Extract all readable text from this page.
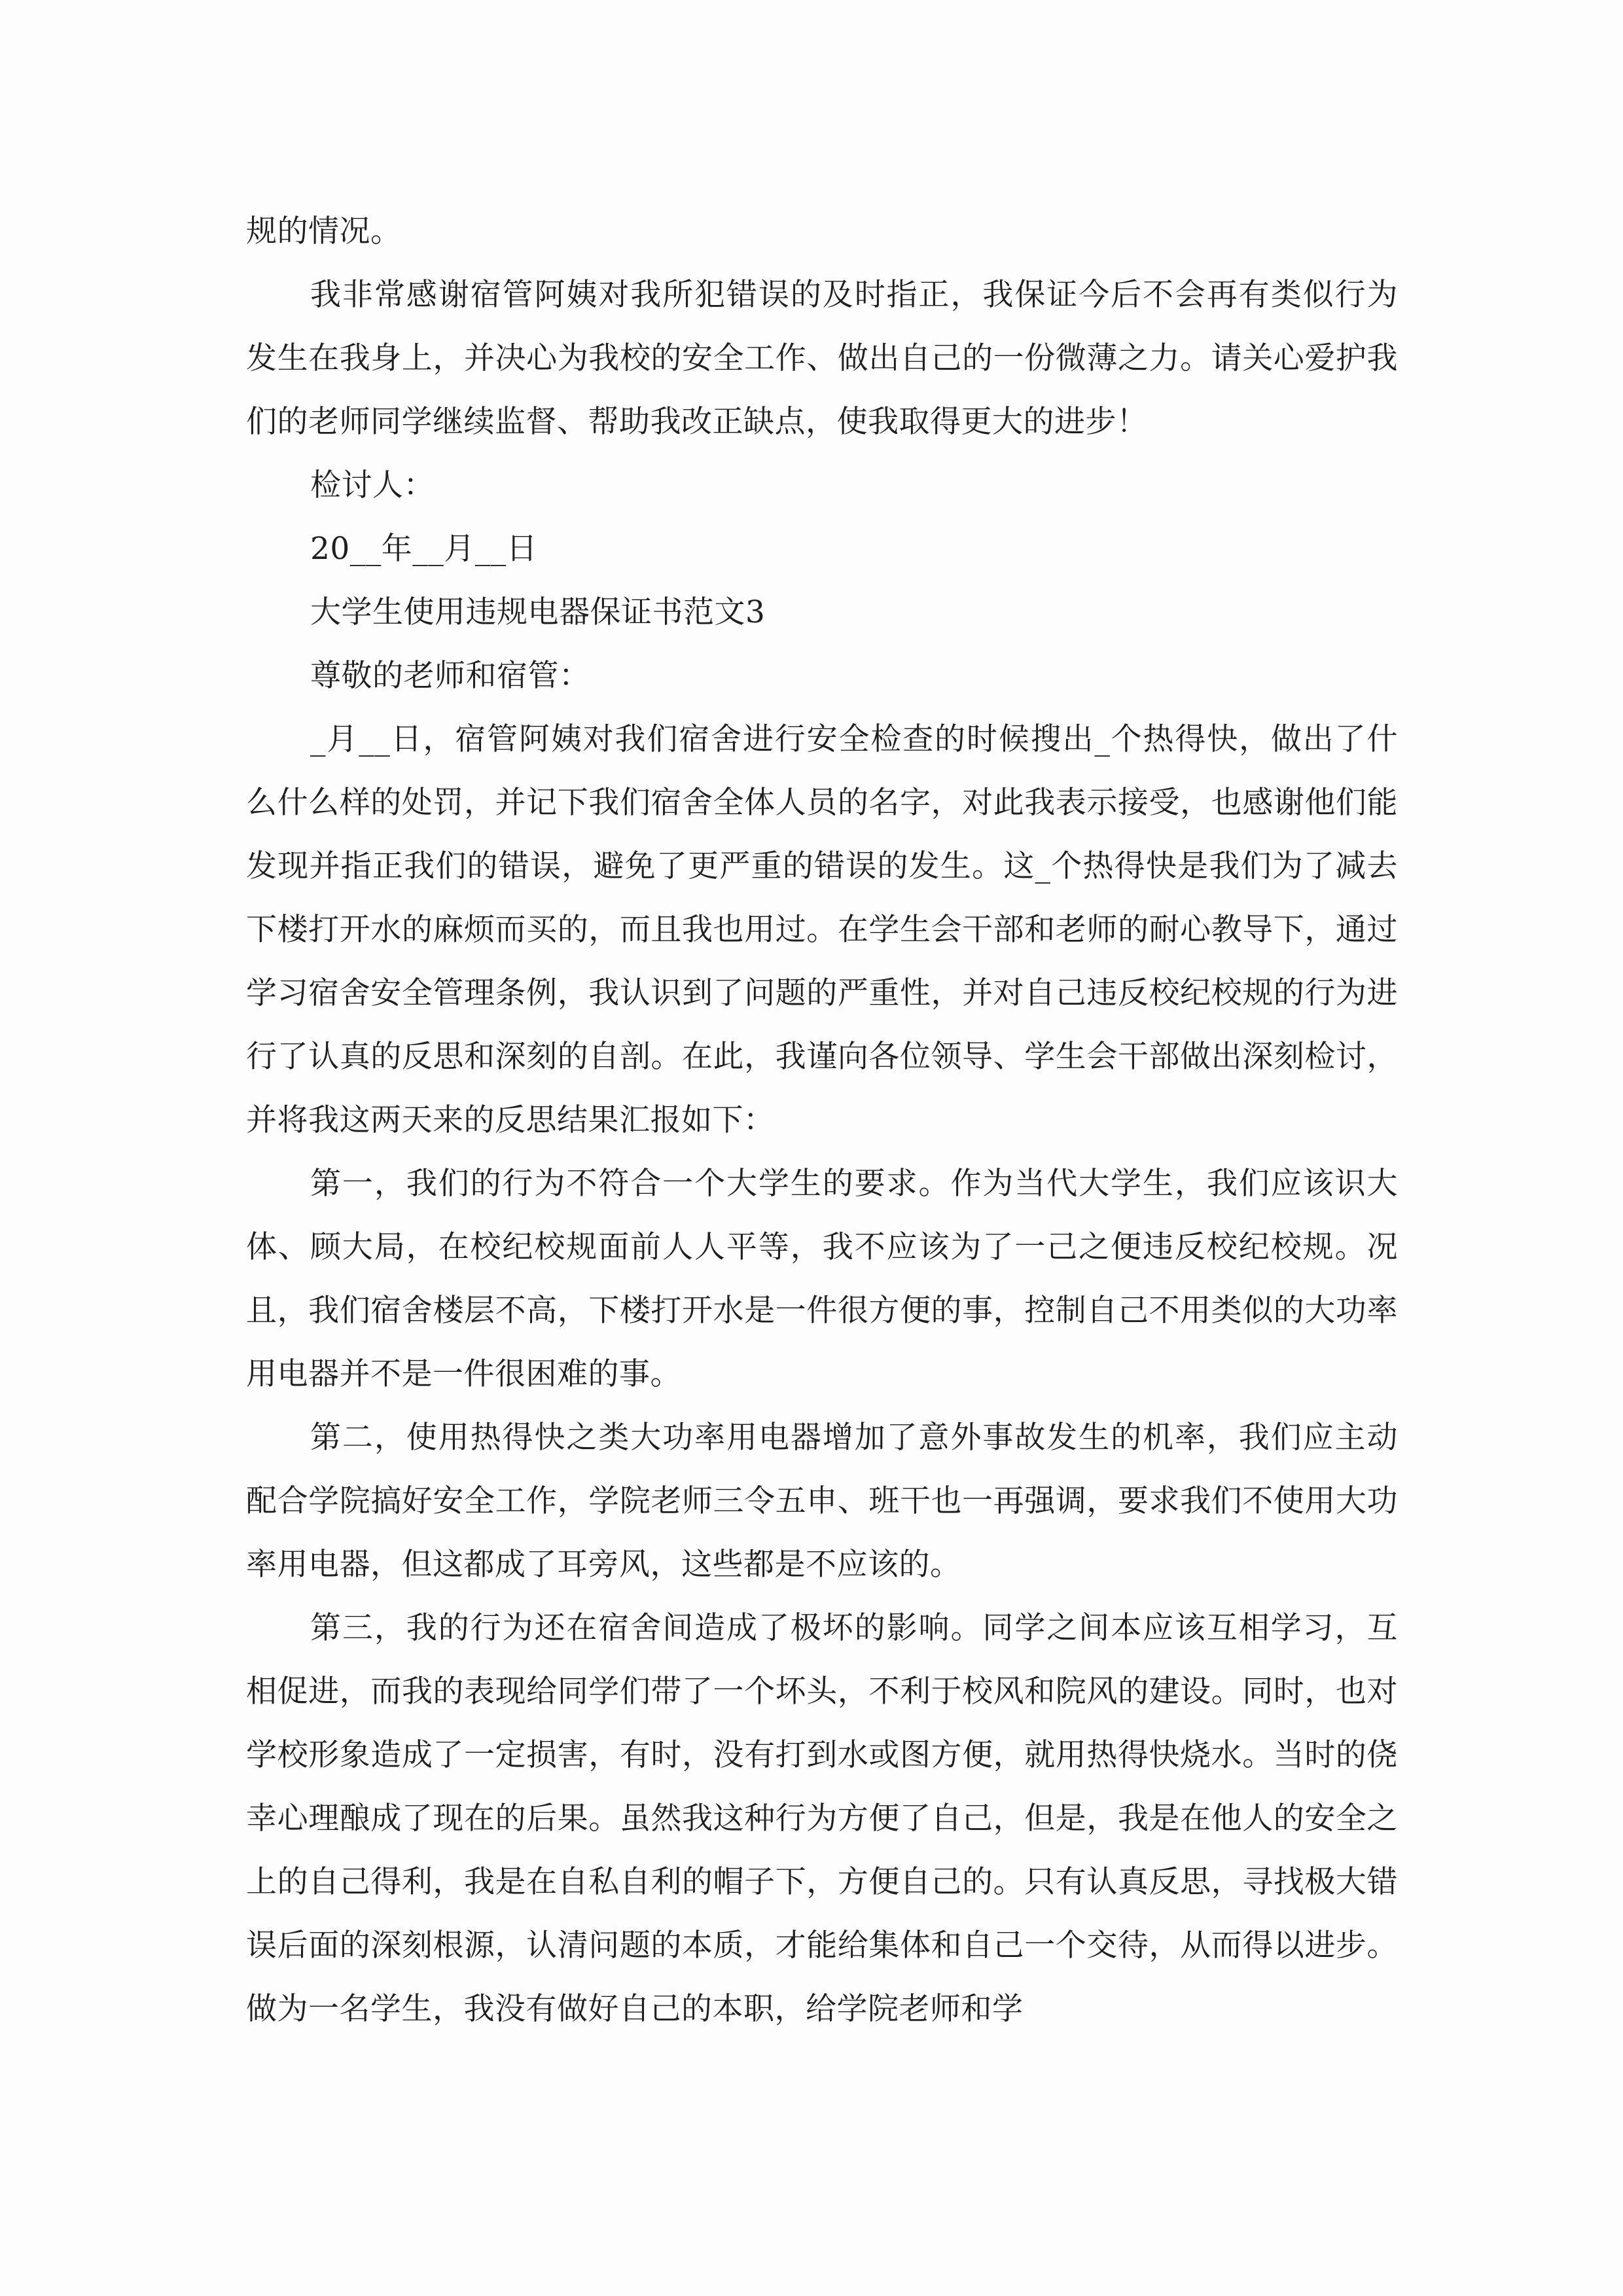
规的情况。

我非常感谢宿管阿姨对我所犯错误的及时指正，我保证今后不会再有类似行为发生在我身上，并决心为我校的安全工作、做出自己的一份微薄之力。请关心爱护我们的老师同学继续监督、帮助我改正缺点，使我取得更大的进步！

检讨人：

20__年__月__日

大学生使用违规电器保证书范文3

尊敬的老师和宿管：

_月__日，宿管阿姨对我们宿舍进行安全检查的时候搜出_个热得快，做出了什么什么样的处罚，并记下我们宿舍全体人员的名字，对此我表示接受，也感谢他们能发现并指正我们的错误，避免了更严重的错误的发生。这_个热得快是我们为了减去下楼打开水的麻烦而买的，而且我也用过。在学生会干部和老师的耐心教导下，通过学习宿舍安全管理条例，我认识到了问题的严重性，并对自己违反校纪校规的行为进行了认真的反思和深刻的自剖。在此，我谨向各位领导、学生会干部做出深刻检讨，并将我这两天来的反思结果汇报如下：

第一，我们的行为不符合一个大学生的要求。作为当代大学生，我们应该识大体、顾大局，在校纪校规面前人人平等，我不应该为了一己之便违反校纪校规。况且，我们宿舍楼层不高，下楼打开水是一件很方便的事，控制自己不用类似的大功率用电器并不是一件很困难的事。

第二，使用热得快之类大功率用电器增加了意外事故发生的机率，我们应主动配合学院搞好安全工作，学院老师三令五申、班干也一再强调，要求我们不使用大功率用电器，但这都成了耳旁风，这些都是不应该的。

第三，我的行为还在宿舍间造成了极坏的影响。同学之间本应该互相学习，互相促进，而我的表现给同学们带了一个坏头，不利于校风和院风的建设。同时，也对学校形象造成了一定损害，有时，没有打到水或图方便，就用热得快烧水。当时的侥幸心理酿成了现在的后果。虽然我这种行为方便了自己，但是，我是在他人的安全之上的自己得利，我是在自私自利的帽子下，方便自己的。只有认真反思，寻找极大错误后面的深刻根源，认清问题的本质，才能给集体和自己一个交待，从而得以进步。做为一名学生，我没有做好自己的本职，给学院老师和学
